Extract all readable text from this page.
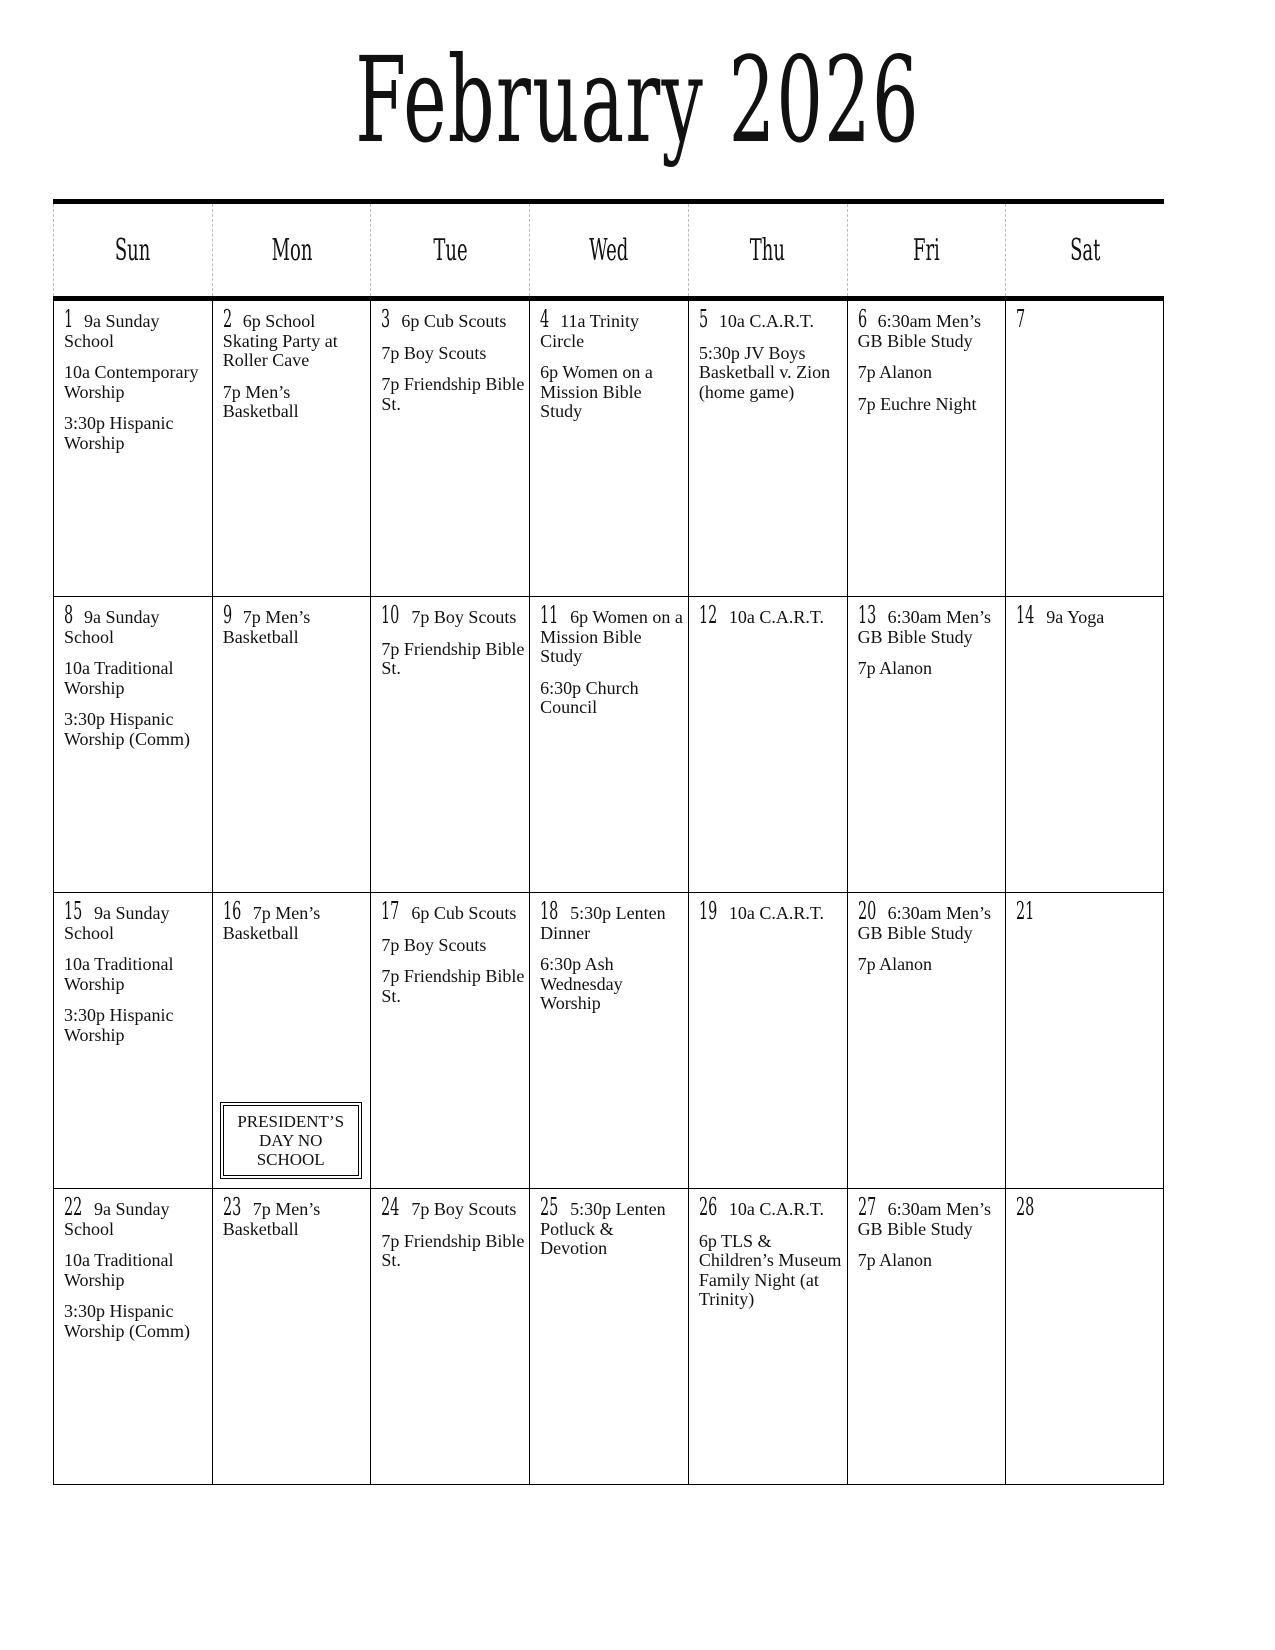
February 2026
Sun	Mon	Tue	Wed	Thu	Fri	Sat
1 9a Sunday School
10a Contemporary Worship
3:30p Hispanic Worship
2 6p School Skating Party at Roller Cave
7p Men’s Basketball
3 6p Cub Scouts
7p Boy Scouts
7p Friendship Bible St.
4 11a Trinity Circle
6p Women on a Mission Bible Study
5 10a C.A.R.T.
5:30p JV Boys Basketball v. Zion (home game)
6 6:30am Men’s GB Bible Study
7p Alanon
7p Euchre Night
7
8 9a Sunday School
10a Traditional Worship
3:30p Hispanic Worship (Comm)
9 7p Men’s Basketball
10 7p Boy Scouts
7p Friendship Bible St.
11 6p Women on a Mission Bible Study
6:30p Church Council
12 10a C.A.R.T.	13 6:30am Men’s GB Bible Study
7p Alanon
14 9a Yoga
15 9a Sunday School
10a Traditional Worship
3:30p Hispanic Worship
16 7p Men’s Basketball
PRESIDENT’S DAY NO SCHOOL
17 6p Cub Scouts
7p Boy Scouts
7p Friendship Bible St.
18 5:30p Lenten Dinner
6:30p Ash Wednesday Worship
19 10a C.A.R.T.	20 6:30am Men’s GB Bible Study
7p Alanon
21
22 9a Sunday School
10a Traditional Worship
3:30p Hispanic Worship (Comm)
23 7p Men’s Basketball
24 7p Boy Scouts
7p Friendship Bible St.
25 5:30p Lenten Potluck & Devotion
26 10a C.A.R.T.
6p TLS & Children’s Museum Family Night (at Trinity)
27 6:30am Men’s GB Bible Study
7p Alanon
28
